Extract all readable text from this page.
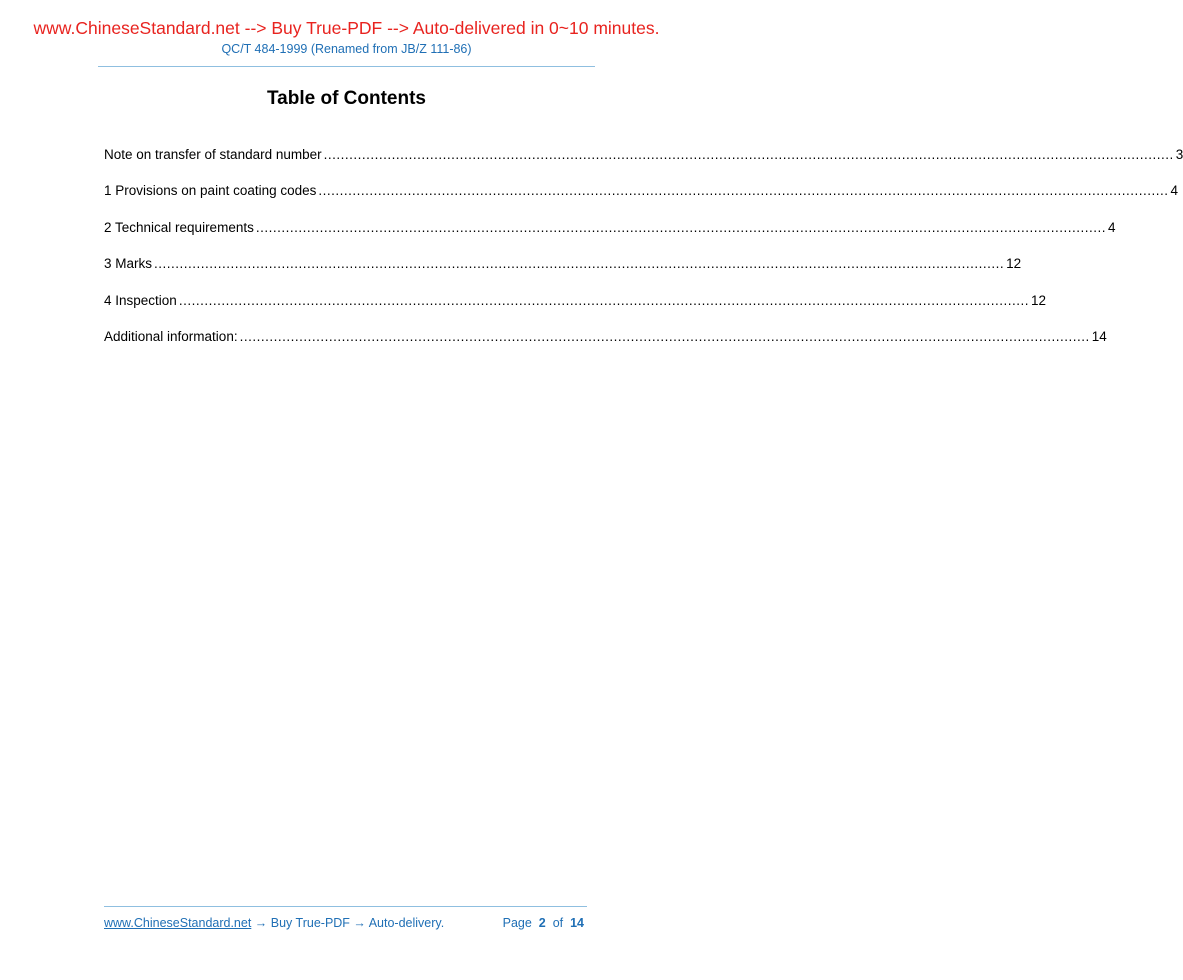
www.ChineseStandard.net --> Buy True-PDF --> Auto-delivered in 0~10 minutes.
QC/T 484-1999 (Renamed from JB/Z 111-86)
Table of Contents
Note on transfer of standard number ........................................................................................................................................................................................................ 3
1 Provisions on paint coating codes ........................................................................................................................................................................................................ 4
2 Technical requirements ........................................................................................................................................................................................................ 4
3 Marks ........................................................................................................................................................................................................ 12
4 Inspection ........................................................................................................................................................................................................ 12
Additional information: ........................................................................................................................................................................................................ 14
www.ChineseStandard.net → Buy True-PDF → Auto-delivery.	Page 2 of 14
